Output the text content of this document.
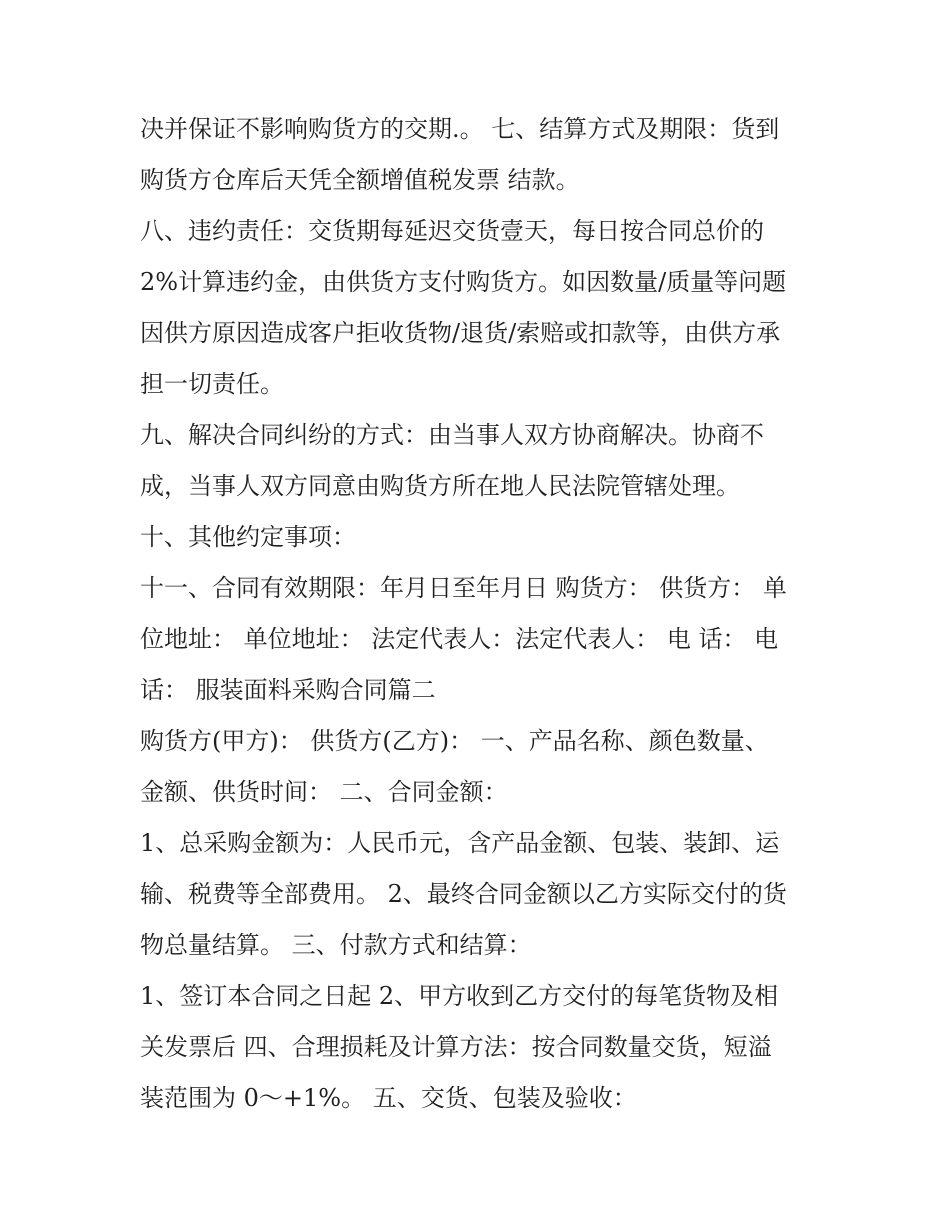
决并保证不影响购货方的交期.。 七、结算方式及期限：货到
购货方仓库后天凭全额增值税发票 结款。
八、违约责任：交货期每延迟交货壹天，每日按合同总价的
2%计算违约金，由供货方支付购货方。如因数量/质量等问题
因供方原因造成客户拒收货物/退货/索赔或扣款等，由供方承
担一切责任。
九、解决合同纠纷的方式：由当事人双方协商解决。协商不
成，当事人双方同意由购货方所在地人民法院管辖处理。
十、其他约定事项：
十一、合同有效期限：年月日至年月日 购货方： 供货方： 单
位地址： 单位地址： 法定代表人：法定代表人： 电 话： 电
话： 服装面料采购合同篇二
购货方(甲方)： 供货方(乙方)： 一、产品名称、颜色数量、
金额、供货时间： 二、合同金额：
1、总采购金额为：人民币元，含产品金额、包装、装卸、运
输、税费等全部费用。 2、最终合同金额以乙方实际交付的货
物总量结算。 三、付款方式和结算：
1、签订本合同之日起 2、甲方收到乙方交付的每笔货物及相
关发票后 四、合理损耗及计算方法：按合同数量交货，短溢
装范围为 0～+1%。 五、交货、包装及验收：
